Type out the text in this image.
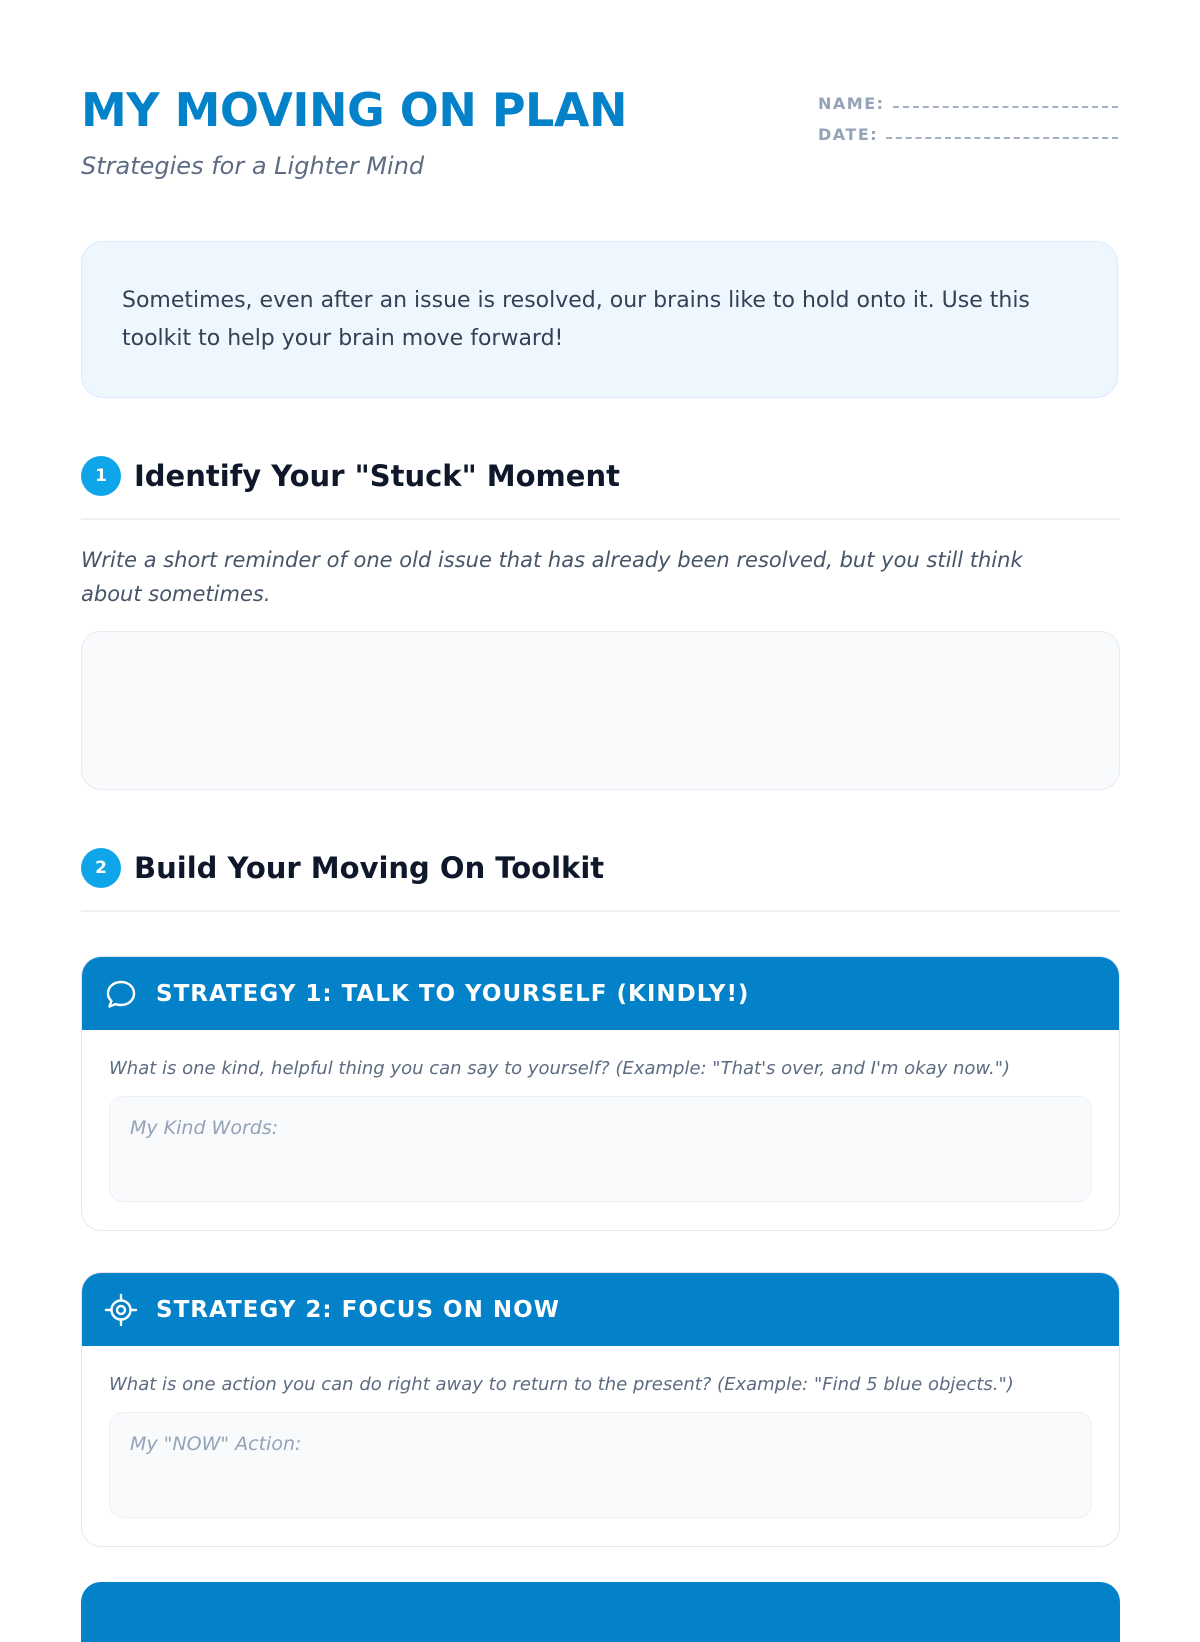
MY MOVING ON PLAN
Strategies for a Lighter Mind
NAME:
DATE:

Sometimes, even after an issue is resolved, our brains like to hold onto it. Use this toolkit to help your brain move forward!

1 Identify Your "Stuck" Moment
Write a short reminder of one old issue that has already been resolved, but you still think about sometimes.
2 Build Your Moving On Toolkit
STRATEGY 1: TALK TO YOURSELF (KINDLY!)
What is one kind, helpful thing you can say to yourself? (Example: "That's over, and I'm okay now.")
My Kind Words:
STRATEGY 2: FOCUS ON NOW
What is one action you can do right away to return to the present? (Example: "Find 5 blue objects.")
My "NOW" Action:
